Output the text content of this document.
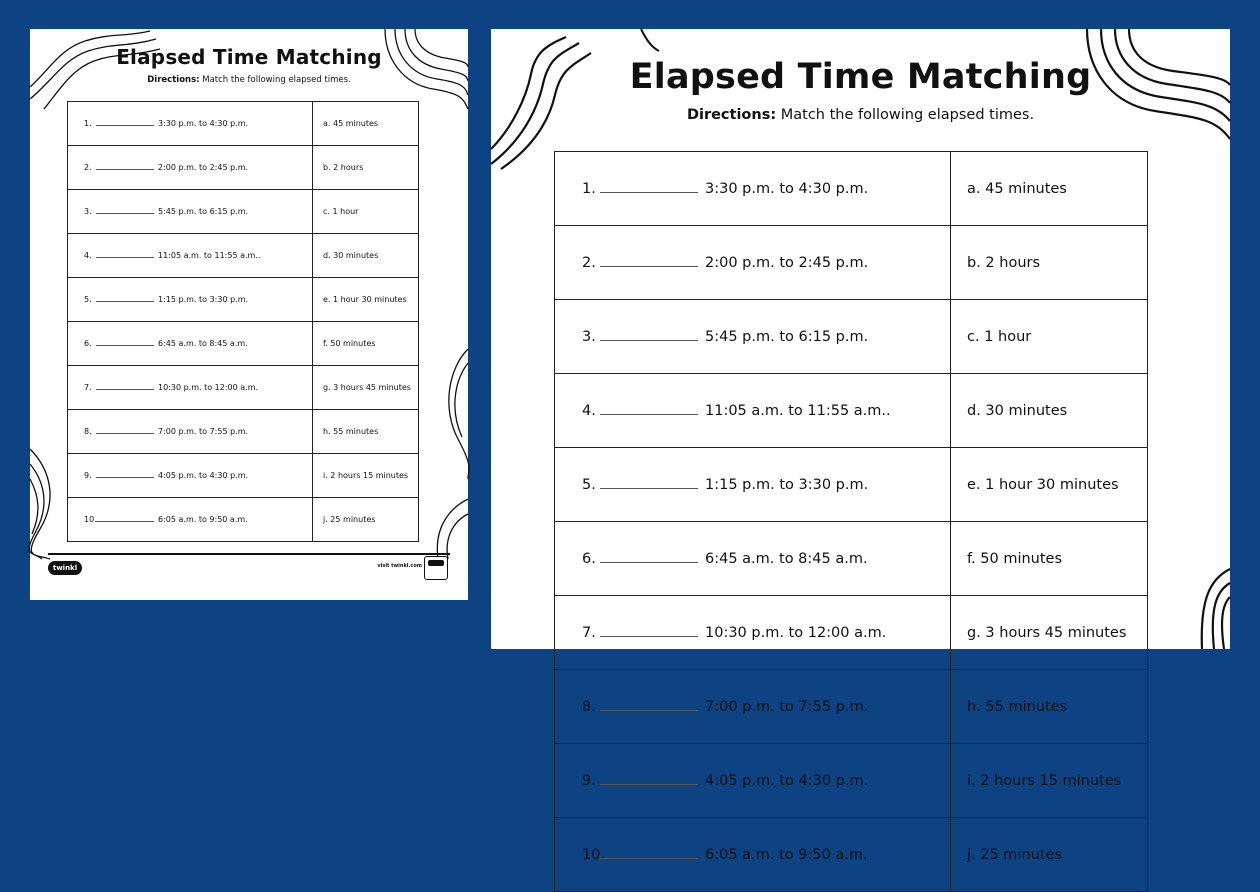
Elapsed Time Matching
Directions: Match the following elapsed times.
1. 3:30 p.m. to 4:30 p.m.	a. 45 minutes
2. 2:00 p.m. to 2:45 p.m.	b. 2 hours
3. 5:45 p.m. to 6:15 p.m.	c. 1 hour
4. 11:05 a.m. to 11:55 a.m..	d. 30 minutes
5. 1:15 p.m. to 3:30 p.m.	e. 1 hour 30 minutes
6. 6:45 a.m. to 8:45 a.m.	f. 50 minutes
7. 10:30 p.m. to 12:00 a.m.	g. 3 hours 45 minutes
8. 7:00 p.m. to 7:55 p.m.	h. 55 minutes
9. 4:05 p.m. to 4:30 p.m.	i. 2 hours 15 minutes
10. 6:05 a.m. to 9:50 a.m.	j. 25 minutes
twinkl	visit twinkl.com
Elapsed Time Matching
Directions: Match the following elapsed times.
1. 3:30 p.m. to 4:30 p.m.	a. 45 minutes
2. 2:00 p.m. to 2:45 p.m.	b. 2 hours
3. 5:45 p.m. to 6:15 p.m.	c. 1 hour
4. 11:05 a.m. to 11:55 a.m..	d. 30 minutes
5. 1:15 p.m. to 3:30 p.m.	e. 1 hour 30 minutes
6. 6:45 a.m. to 8:45 a.m.	f. 50 minutes
7. 10:30 p.m. to 12:00 a.m.	g. 3 hours 45 minutes
8. 7:00 p.m. to 7:55 p.m.	h. 55 minutes
9. 4:05 p.m. to 4:30 p.m.	i. 2 hours 15 minutes
10. 6:05 a.m. to 9:50 a.m.	j. 25 minutes
